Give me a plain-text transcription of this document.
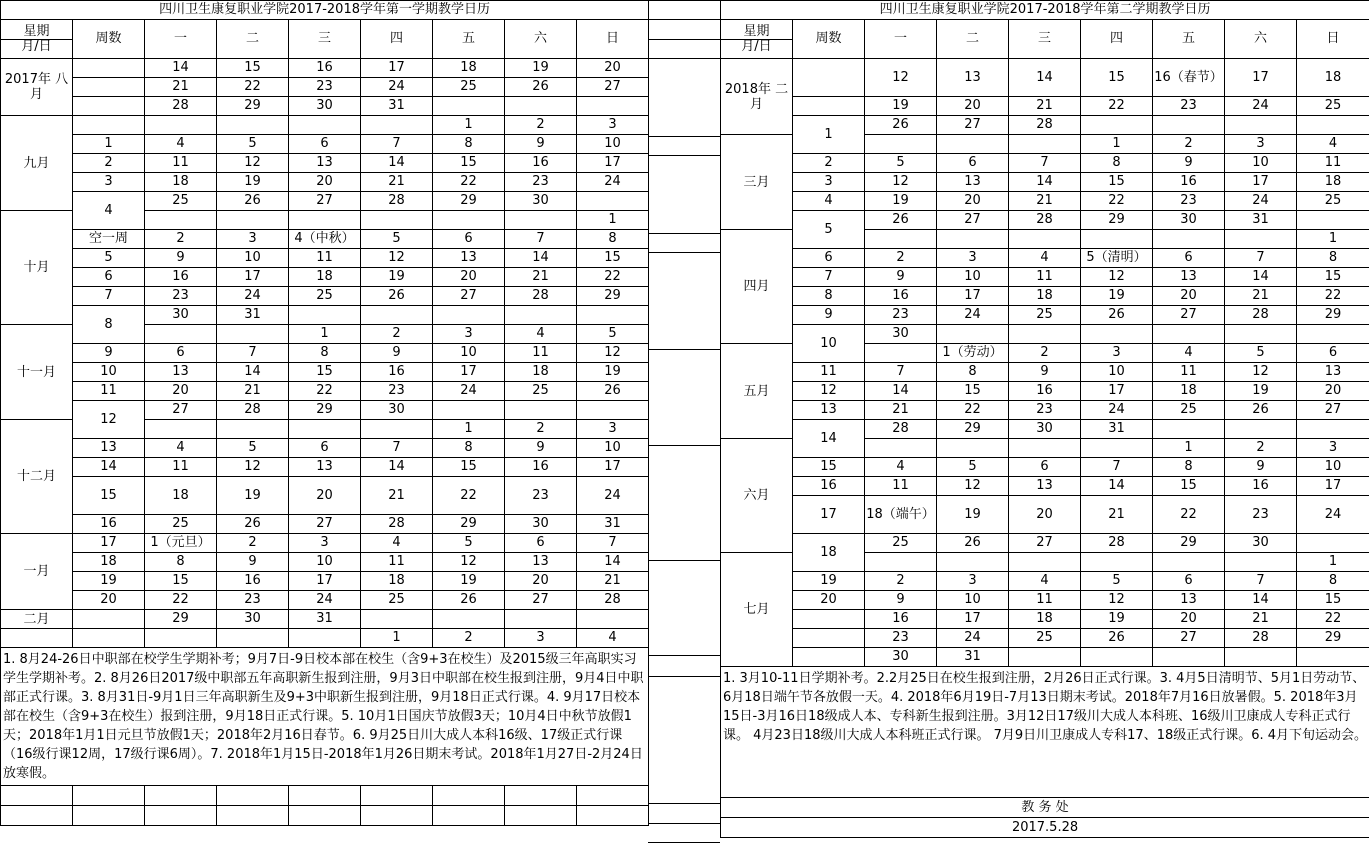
四川卫生康复职业学院2017-2018学年第一学期教学日历								

星期
月/日	周数	一	二	三	四	五	六	日
2017年 八月		14	15	16	17	18	19	20
		21	22	23	24	25	26	27
		28	29	30	31			
九月						1	2	3
	1	4	5	6	7	8	9	10
	2	11	12	13	14	15	16	17
	3	18	19	20	21	22	23	24
	4	25	26	27	28	29	30	
十月								1
	空一周	2	3	4（中秋）	5	6	7	8
	5	9	10	11	12	13	14	15
	6	16	17	18	19	20	21	22
	7	23	24	25	26	27	28	29
	8	30	31					
十一月				1	2	3	4	5
	9	6	7	8	9	10	11	12
	10	13	14	15	16	17	18	19
	11	20	21	22	23	24	25	26
	12	27	28	29	30			
十二月						1	2	3
	13	4	5	6	7	8	9	10
	14	11	12	13	14	15	16	17
	15	18	19	20	21	22	23	24
	16	25	26	27	28	29	30	31
一月	17	1（元旦）	2	3	4	5	6	7
	18	8	9	10	11	12	13	14
	19	15	16	17	18	19	20	21
	20	22	23	24	25	26	27	28
二月		29	30	31				
					1	2	3	4
1. 8月24-26日中职部在校学生学期补考；9月7日-9日校本部在校生（含9+3在校生）及2015级三年高职实习学生学期补考。2. 8月26日2017级中职部五年高职新生报到注册，9月3日中职部在校生报到注册，9月4日中职部正式行课。3. 8月31日-9月1日三年高职新生及9+3中职新生报到注册，9月18日正式行课。4. 9月17日校本部在校生（含9+3在校生）报到注册，9月18日正式行课。5. 10月1日国庆节放假3天；10月4日中秋节放假1天；2018年1月1日元旦节放假1天；2018年2月16日春节。6. 9月25日川大成人本科16级、17级正式行课（16级行课12周，17级行课6周）。7. 2018年1月15日-2018年1月26日期末考试。2018年1月27日-2月24日放寒假。								

四川卫生康复职业学院2017-2018学年第二学期教学日历								

星期
月/日	周数	一	二	三	四	五	六	日
2018年 二月		12	13	14	15	16（春节）	17	18
		19	20	21	22	23	24	25
	1	26	27	28				
三月					1	2	3	4
	2	5	6	7	8	9	10	11
	3	12	13	14	15	16	17	18
	4	19	20	21	22	23	24	25
	5	26	27	28	29	30	31	
四月								1
	6	2	3	4	5（清明）	6	7	8
	7	9	10	11	12	13	14	15
	8	16	17	18	19	20	21	22
	9	23	24	25	26	27	28	29
	10	30						
五月			1（劳动）	2	3	4	5	6
	11	7	8	9	10	11	12	13
	12	14	15	16	17	18	19	20
	13	21	22	23	24	25	26	27
	14	28	29	30	31			
六月						1	2	3
	15	4	5	6	7	8	9	10
	16	11	12	13	14	15	16	17
	17	18（端午）	19	20	21	22	23	24
	18	25	26	27	28	29	30	
七月								1
	19	2	3	4	5	6	7	8
	20	9	10	11	12	13	14	15
		16	17	18	19	20	21	22
		23	24	25	26	27	28	29
		30	31					
1. 3月10-11日学期补考。2.2月25日在校生报到注册，2月26日正式行课。3. 4月5日清明节、5月1日劳动节、6月18日端午节各放假一天。4. 2018年6月19日-7月13日期末考试。2018年7月16日放暑假。5. 2018年3月15日-3月16日18级成人本、专科新生报到注册。3月12日17级川大成人本科班、16级川卫康成人专科正式行课。 4月23日18级川大成人本科班正式行课。 7月9日川卫康成人专科17、18级正式行课。6. 4月下旬运动会。								
教 务 处								
2017.5.28								
